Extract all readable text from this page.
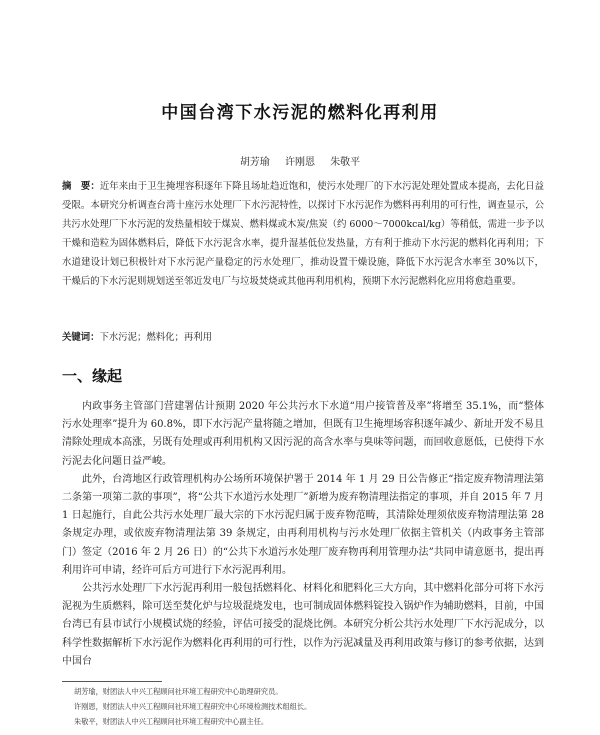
中国台湾下水污泥的燃料化再利用
胡芳瑜 许刚恩 朱敬平
摘　要：近年来由于卫生掩埋容积逐年下降且场址趋近饱和，使污水处理厂的下水污泥处理处置成本提高，去化日益受限。本研究分析调查台湾十座污水处理厂下水污泥特性，以探讨下水污泥作为燃料再利用的可行性，调查显示，公共污水处理厂下水污泥的发热量相较于煤炭、燃料煤或木炭/焦炭（约 6000～7000kcal/kg）等稍低，需进一步予以干燥和造粒为固体燃料后，降低下水污泥含水率，提升湿基低位发热量，方有利于推动下水污泥的燃料化再利用；下水道建设计划已积极针对下水污泥产量稳定的污水处理厂，推动设置干燥设施，降低下水污泥含水率至 30%以下，干燥后的下水污泥则规划送至邻近发电厂与垃圾焚烧或其他再利用机构，预期下水污泥燃料化应用将愈趋重要。
关键词：下水污泥；燃料化；再利用
一、缘起

内政事务主管部门营建署估计预期 2020 年公共污水下水道“用户接管普及率”将增至 35.1%，而“整体污水处理率”提升为 60.8%，即下水污泥产量将随之增加，但既有卫生掩埋场容积逐年减少、新址开发不易且清除处理成本高涨，另既有处理或再利用机构又因污泥的高含水率与臭味等问题，而回收意愿低，已使得下水污泥去化问题日益严峻。

此外，台湾地区行政管理机构办公场所环境保护署于 2014 年 1 月 29 日公告修正“指定废弃物清理法第二条第一项第二款的事项”，将“公共下水道污水处理厂”新增为废弃物清理法指定的事项，并自 2015 年 7 月 1 日起施行，自此公共污水处理厂最大宗的下水污泥归属于废弃物范畴，其清除处理须依废弃物清理法第 28 条规定办理，或依废弃物清理法第 39 条规定，由再利用机构与污水处理厂依据主管机关（内政事务主管部门）签定（2016 年 2 月 26 日）的“公共下水道污水处理厂废弃物再利用管理办法”共同申请意愿书，提出再利用许可申请，经许可后方可进行下水污泥再利用。

公共污水处理厂下水污泥再利用一般包括燃料化、材料化和肥料化三大方向，其中燃料化部分可将下水污泥视为生质燃料，除可送至焚化炉与垃圾混烧发电，也可制成固体燃料锭投入锅炉作为辅助燃料，目前，中国台湾已有县市试行小规模试烧的经验，评估可接受的混烧比例。本研究分析公共污水处理厂下水污泥成分，以科学性数据解析下水污泥作为燃料化再利用的可行性，以作为污泥减量及再利用政策与修订的参考依据，达到中国台

胡芳瑜，财团法人中兴工程顾问社环境工程研究中心助理研究员。

许刚恩，财团法人中兴工程顾问社环境工程研究中心环境检测技术组组长。

朱敬平，财团法人中兴工程顾问社环境工程研究中心副主任。
